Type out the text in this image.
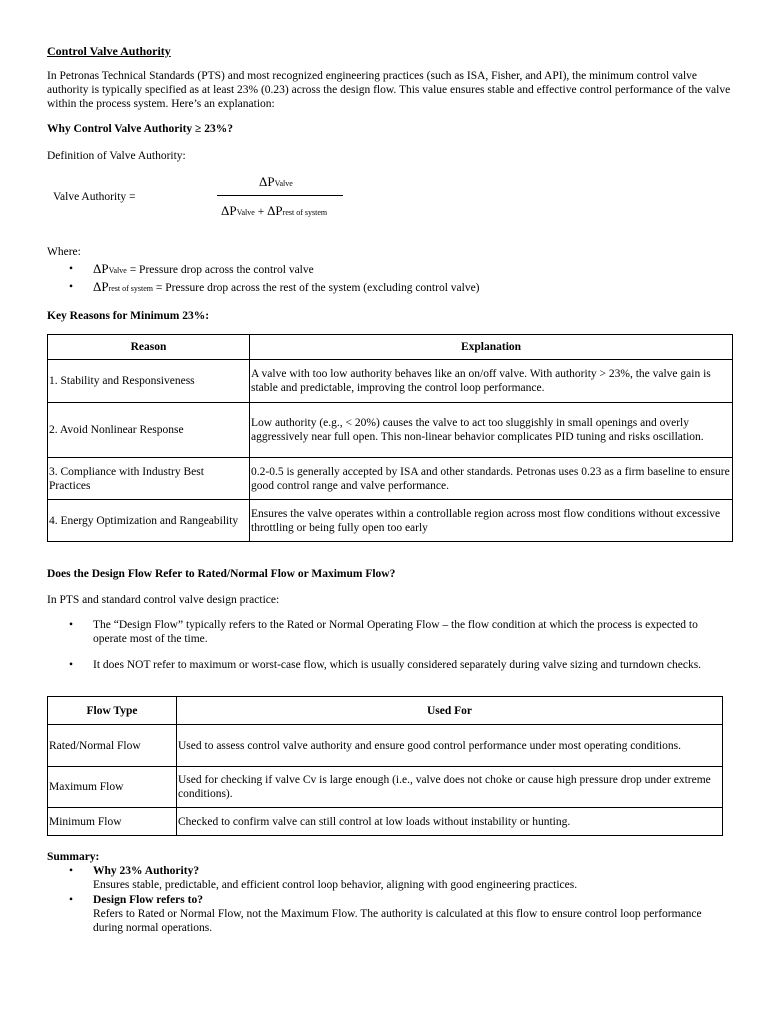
Control Valve Authority

In Petronas Technical Standards (PTS) and most recognized engineering practices (such as ISA, Fisher, and API), the minimum control valve authority is typically specified as at least 23% (0.23) across the design flow. This value ensures stable and effective control performance of the valve within the process system. Here’s an explanation:

Why Control Valve Authority ≥ 23%?
Definition of Valve Authority:
Valve Authority =
ΔPValve
ΔPValve + ΔPrest of system
Where:
• ΔPValve = Pressure drop across the control valve
• ΔPrest of system = Pressure drop across the rest of the system (excluding control valve)
Key Reasons for Minimum 23%:
Reason	Explanation
1. Stability and Responsiveness	A valve with too low authority behaves like an on/off valve. With authority > 23%, the valve gain is stable and predictable, improving the control loop performance.
2. Avoid Nonlinear Response	Low authority (e.g., < 20%) causes the valve to act too sluggishly in small openings and overly aggressively near full open. This non-linear behavior complicates PID tuning and risks oscillation.
3. Compliance with Industry Best Practices	0.2-0.5 is generally accepted by ISA and other standards. Petronas uses 0.23 as a firm baseline to ensure good control range and valve performance.
4. Energy Optimization and Rangeability	Ensures the valve operates within a controllable region across most flow conditions without excessive throttling or being fully open too early
Does the Design Flow Refer to Rated/Normal Flow or Maximum Flow?
In PTS and standard control valve design practice:
• The “Design Flow” typically refers to the Rated or Normal Operating Flow – the flow condition at which the process is expected to operate most of the time.

• It does NOT refer to maximum or worst-case flow, which is usually considered separately during valve sizing and turndown checks.

Flow Type	Used For
Rated/Normal Flow	Used to assess control valve authority and ensure good control performance under most operating conditions.
Maximum Flow	Used for checking if valve Cv is large enough (i.e., valve does not choke or cause high pressure drop under extreme conditions).
Minimum Flow	Checked to confirm valve can still control at low loads without instability or hunting.
Summary:
• Why 23% Authority?

Ensures stable, predictable, and efficient control loop behavior, aligning with good engineering practices.

• Design Flow refers to?

Refers to Rated or Normal Flow, not the Maximum Flow. The authority is calculated at this flow to ensure control loop performance during normal operations.
